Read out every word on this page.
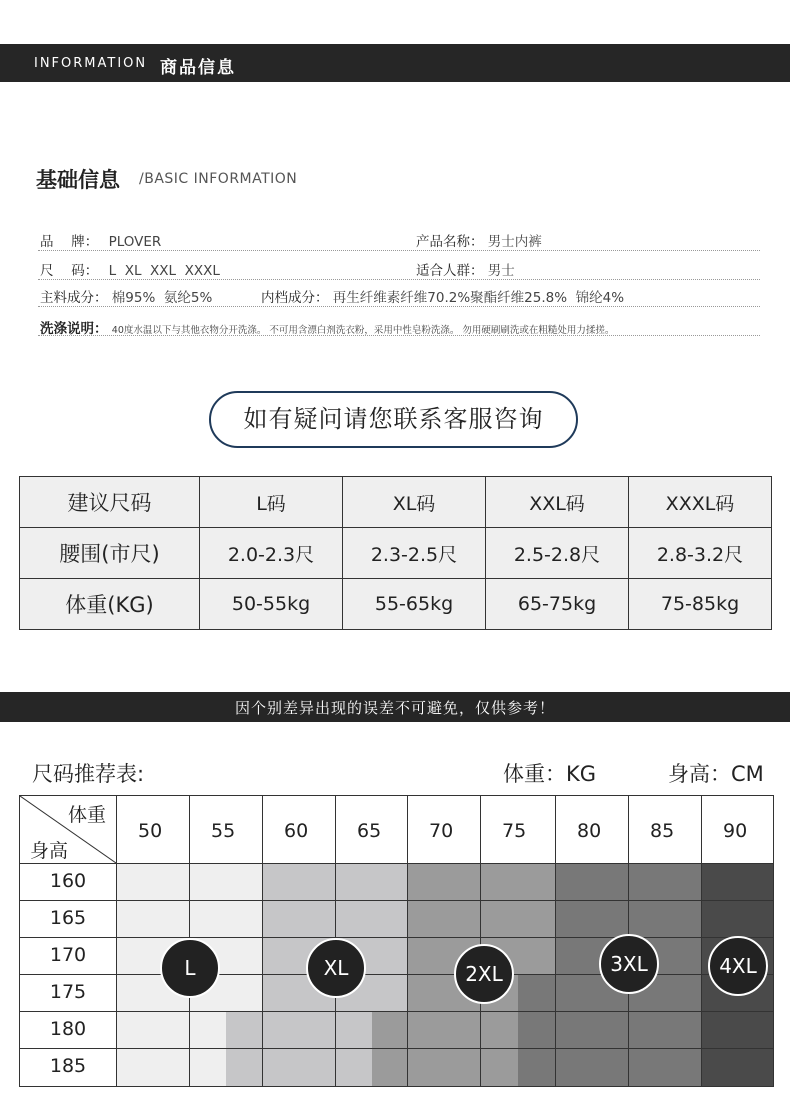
INFORMATION 商品信息
基础信息 /BASIC INFORMATION
品　 牌： PLOVER	产品名称： 男士内裤
尺　 码： L  XL  XXL  XXXL	适合人群： 男士
主料成分： 棉95%  氨纶5%	内档成分： 再生纤维素纤维70.2%聚酯纤维25.8%  锦纶4%
洗涤说明： 40度水温以下与其他衣物分开洗涤。 不可用含漂白剂洗衣粉，采用中性皂粉洗涤。 勿用硬刷刷洗或在粗糙处用力揉搓。
如有疑问请您联系客服咨询
建议尺码	L码	XL码	XXL码	XXXL码
腰围(市尺)	2.0-2.3尺	2.3-2.5尺	2.5-2.8尺	2.8-3.2尺
体重(KG)	50-55kg	55-65kg	65-75kg	75-85kg
因个别差异出现的误差不可避免，仅供参考！
尺码推荐表:	体重：KG	身高：CM
体重
身高
50	55	60	65	70	75	80	85	90
160
165
170
175
180
185
L	XL	2XL	3XL	4XL
